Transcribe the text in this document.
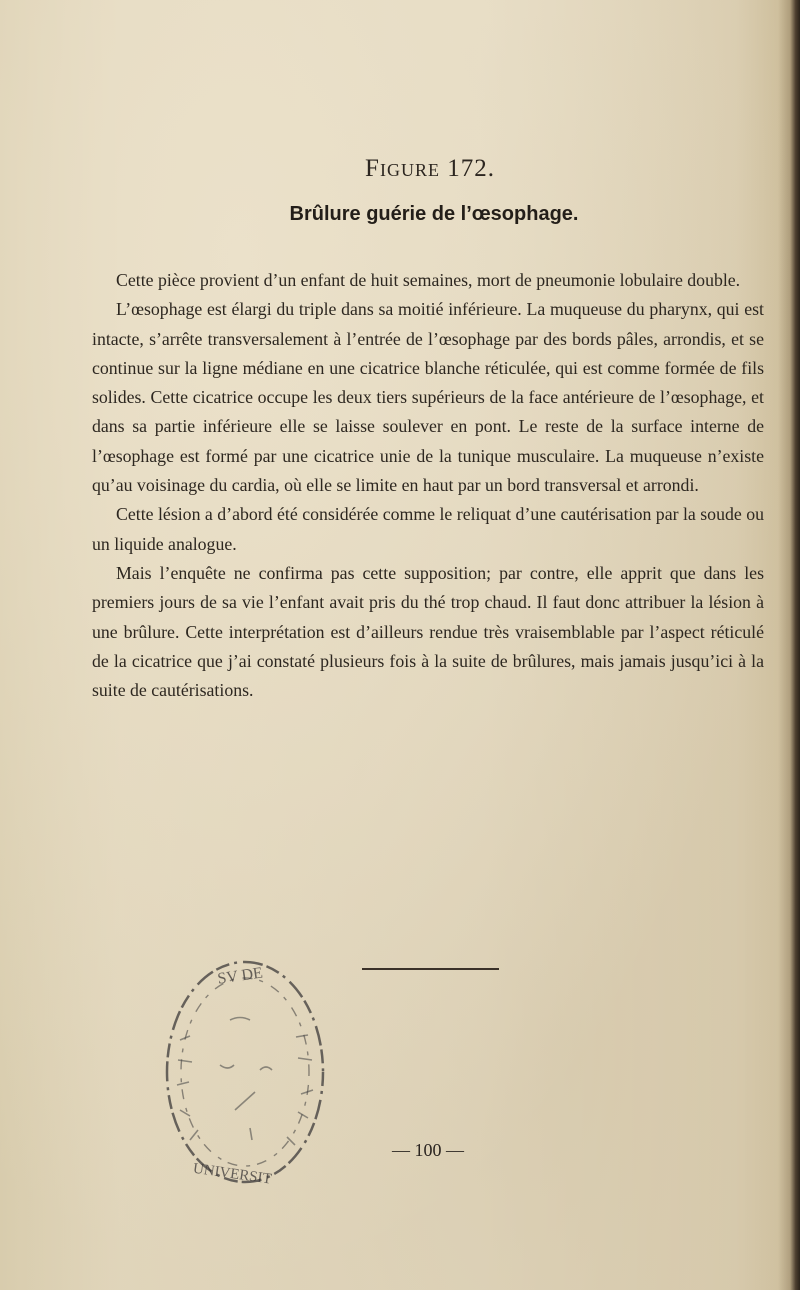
Figure 172.
Brûlure guérie de l’œsophage.

Cette pièce provient d’un enfant de huit semaines, mort de pneumonie lobulaire double.

L’œsophage est élargi du triple dans sa moitié inférieure. La muqueuse du pharynx, qui est intacte, s’arrête transversalement à l’entrée de l’œsophage par des bords pâles, arrondis, et se continue sur la ligne médiane en une cicatrice blanche réticulée, qui est comme formée de fils solides. Cette cicatrice occupe les deux tiers supérieurs de la face antérieure de l’œsophage, et dans sa partie inférieure elle se laisse soulever en pont. Le reste de la surface interne de l’œsophage est formé par une cicatrice unie de la tunique musculaire. La muqueuse n’existe qu’au voisinage du cardia, où elle se limite en haut par un bord transversal et arrondi.

Cette lésion a d’abord été considérée comme le reliquat d’une cautérisation par la soude ou un liquide analogue.

Mais l’enquête ne confirma pas cette supposition; par contre, elle apprit que dans les premiers jours de sa vie l’enfant avait pris du thé trop chaud. Il faut donc attribuer la lésion à une brûlure. Cette interprétation est d’ailleurs rendue très vraisemblable par l’aspect réticulé de la cicatrice que j’ai constaté plusieurs fois à la suite de brûlures, mais jamais jusqu’ici à la suite de cautérisations.

SV DE
UNIVERSIT
— 100 —
